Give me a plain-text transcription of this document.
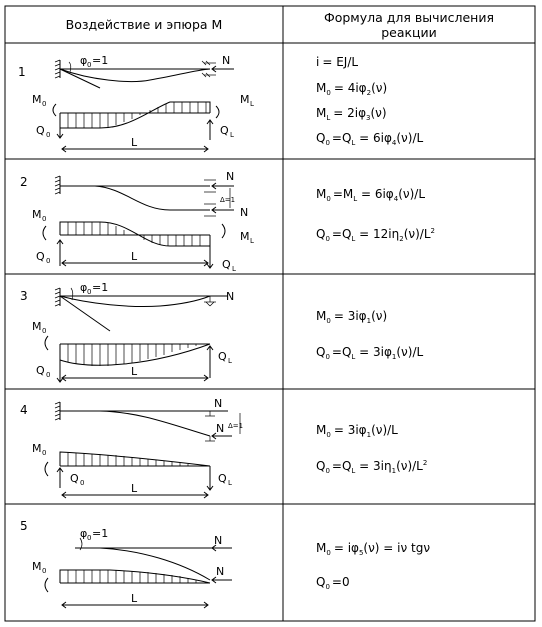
Воздействие и эпюра М	Формула для вычисления
реакции
1
φ 0 =1	N
M 0	M L
Q 0	Q L
L
i = EJ/L
$M_0 = 4i\varphi_2(\nu)$
$M_L = 2i\varphi_3(\nu)$
$Q_0 =Q_L = 6i\varphi_4(\nu)/L$
2	N
N
Δ=1
M 0
M L
Q 0	Q L
L
$M_0 =M_L = 6i\varphi_4(\nu)/L$
$Q_0 =Q_L = 12i\eta_2(\nu)/L^2$
3
φ 0 =1
N
M 0
Q 0
Q L
L
$M_0 = 3i\varphi_1(\nu)$
$Q_0 =Q_L = 3i\varphi_1(\nu)/L$
4	N
N Δ=1
M 0
Q 0	Q L
L
$M_0 = 3i\varphi_1(\nu)/L$
$Q_0 =Q_L = 3i\eta_1(\nu)/L^2$
5
φ 0 =1
N
N
M 0
L
$M_0 = i\varphi_5(\nu) = i\nu$ tgν
$Q_0 =0$
